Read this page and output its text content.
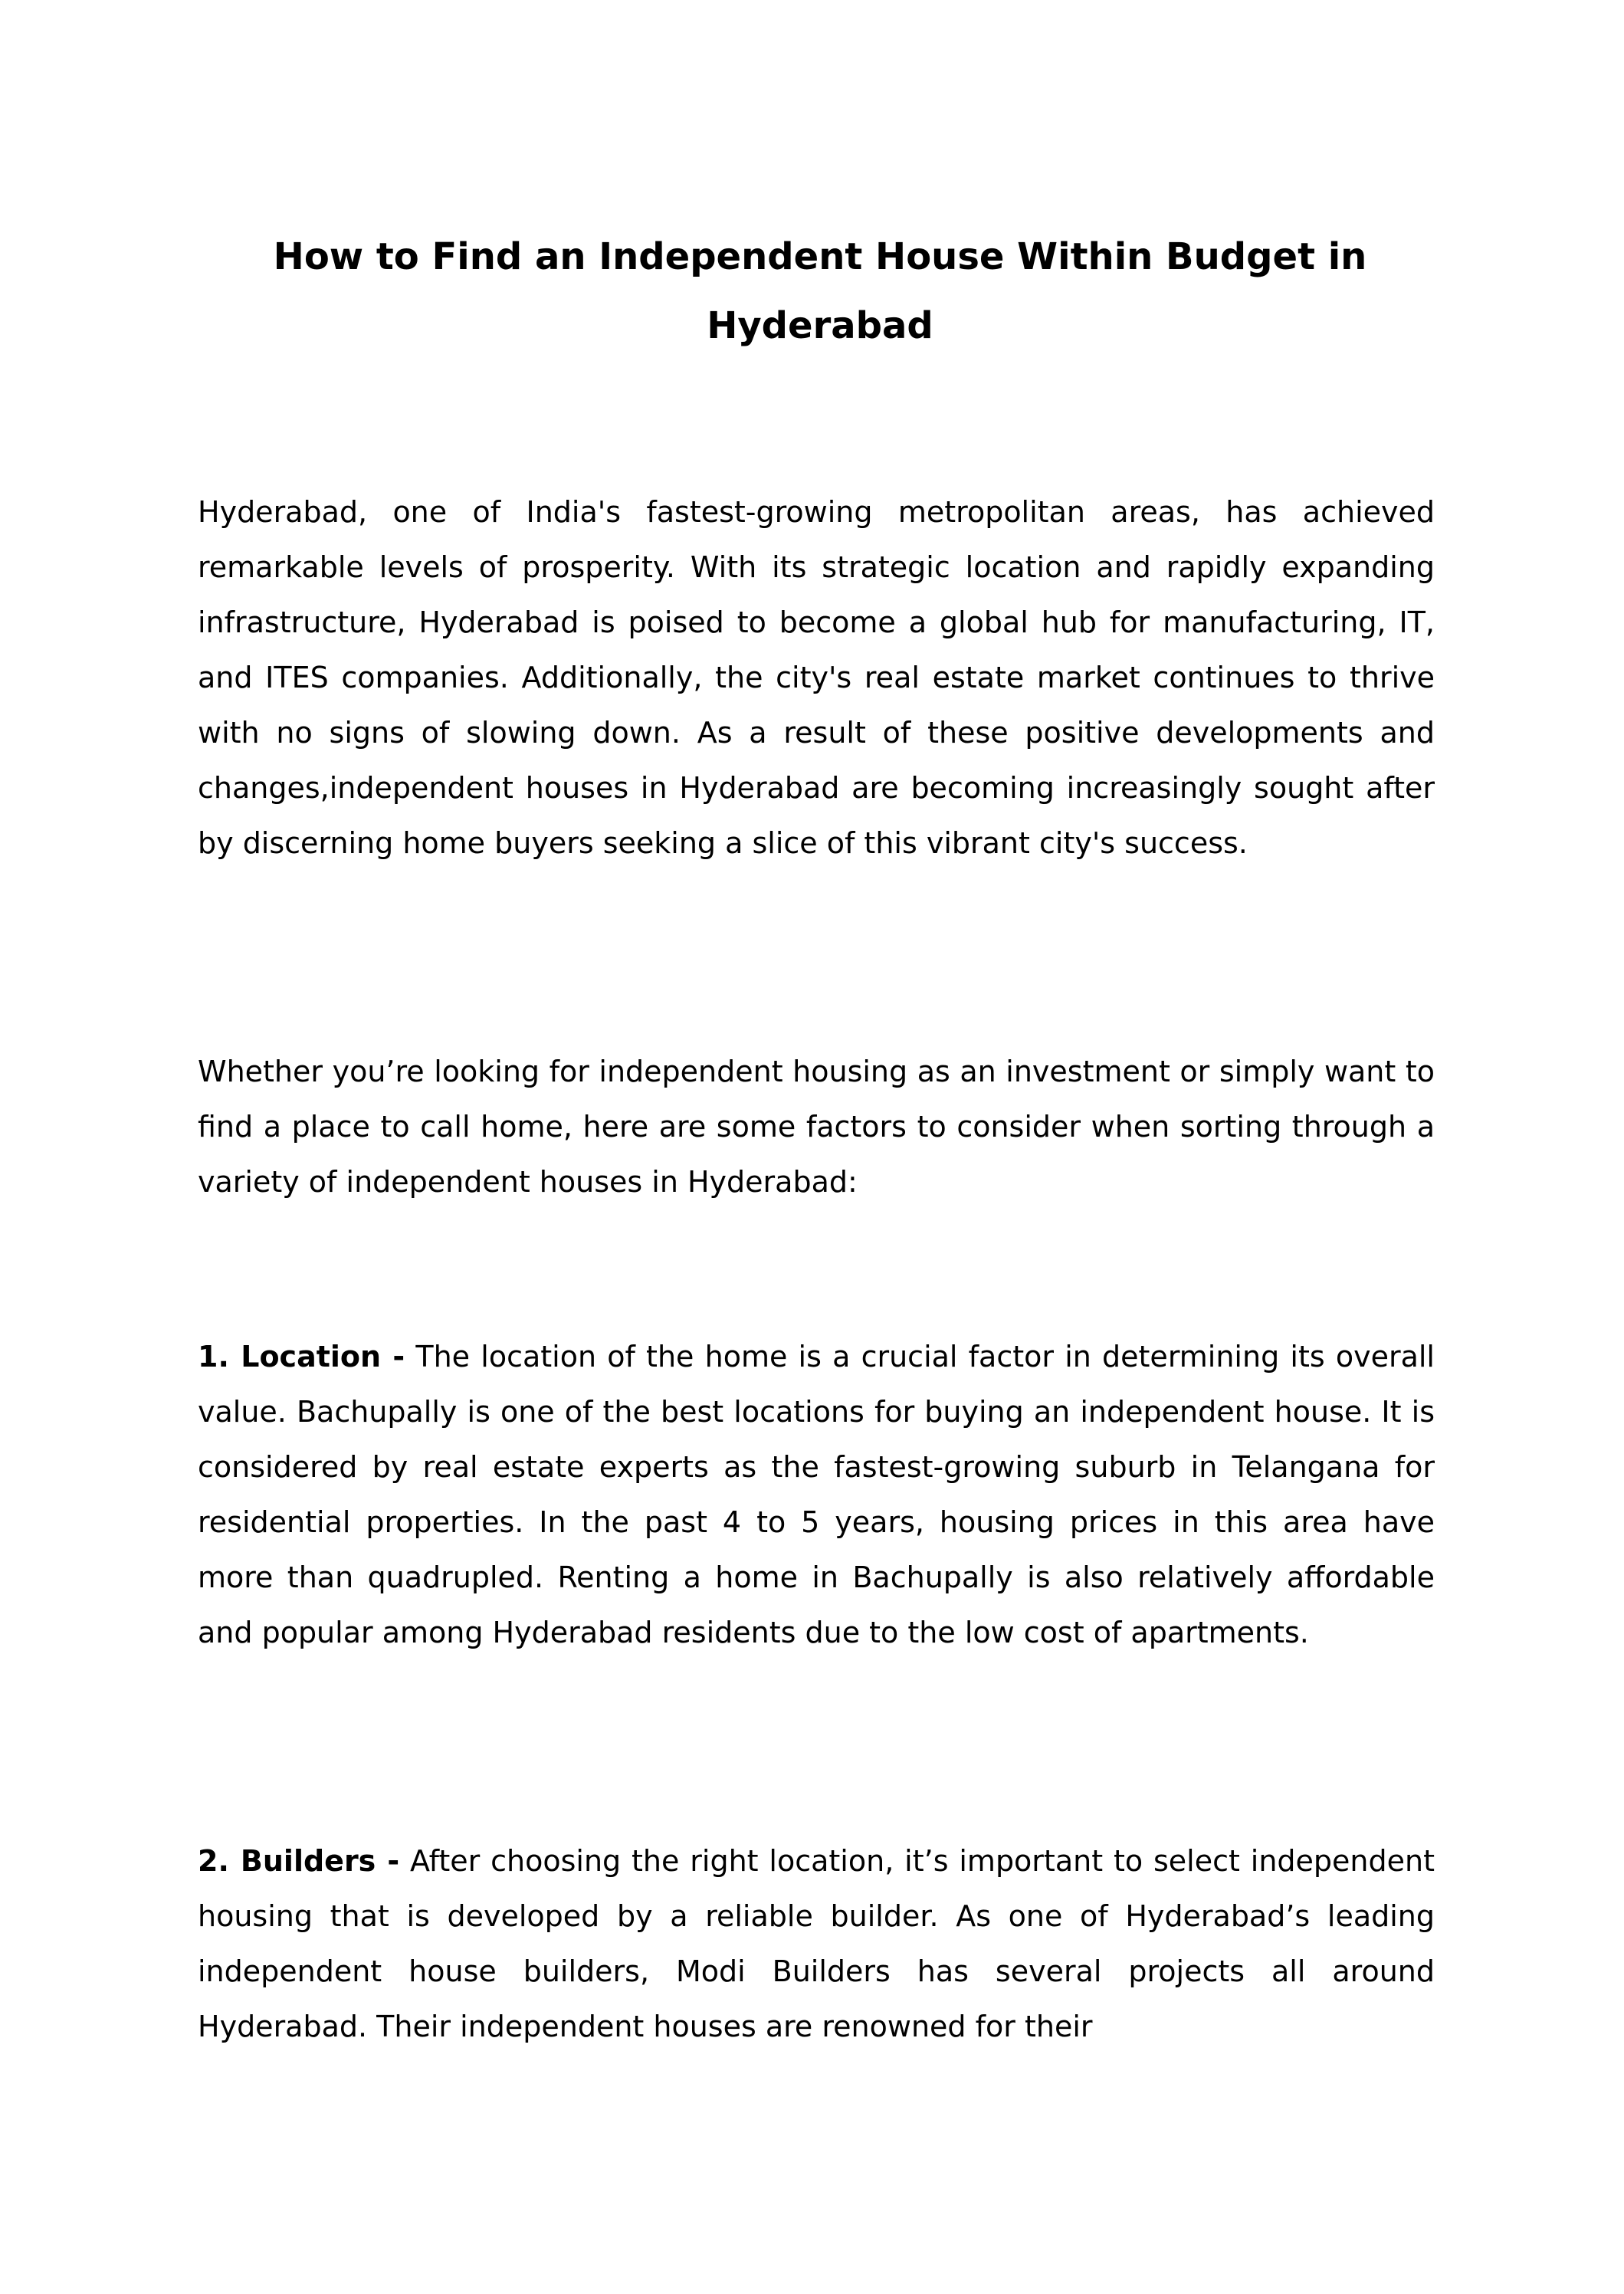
How to Find an Independent House Within Budget in Hyderabad

Hyderabad, one of India's fastest-growing metropolitan areas, has achieved remarkable levels of prosperity. With its strategic location and rapidly expanding infrastructure, Hyderabad is poised to become a global hub for manufacturing, IT, and ITES companies. Additionally, the city's real estate market continues to thrive with no signs of slowing down. As a result of these positive developments and changes,independent houses in Hyderabad are becoming increasingly sought after by discerning home buyers seeking a slice of this vibrant city's success.

Whether you’re looking for independent housing as an investment or simply want to find a place to call home, here are some factors to consider when sorting through a variety of independent houses in Hyderabad:

1. Location - The location of the home is a crucial factor in determining its overall value. Bachupally is one of the best locations for buying an independent house. It is considered by real estate experts as the fastest-growing suburb in Telangana for residential properties. In the past 4 to 5 years, housing prices in this area have more than quadrupled. Renting a home in Bachupally is also relatively affordable and popular among Hyderabad residents due to the low cost of apartments.

2. Builders - After choosing the right location, it’s important to select independent housing that is developed by a reliable builder. As one of Hyderabad’s leading independent house builders, Modi Builders has several projects all around Hyderabad. Their independent houses are renowned for their
